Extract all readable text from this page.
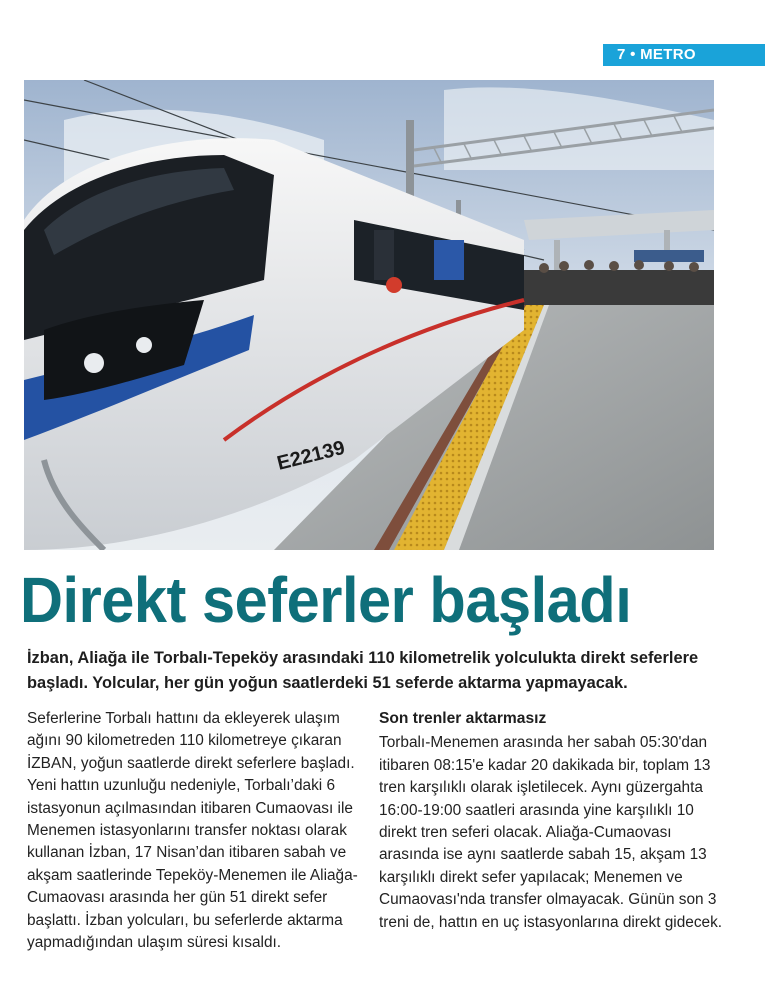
7 • METRO
E22139
Direkt seferler başladı
İzban, Aliağa ile Torbalı-Tepeköy arasındaki 110 kilometrelik yolculukta direkt seferlere başladı. Yolcular, her gün yoğun saatlerdeki 51 seferde aktarma yapmayacak.

Seferlerine Torbalı hattını da ekleyerek ulaşım ağını 90 kilometreden 110 kilometreye çıkaran İZBAN, yoğun saatlerde direkt seferlere başladı. Yeni hattın uzunluğu nedeniyle, Torbalı’daki 6 istasyonun açılmasından itibaren Cumaovası ile Menemen istasyonlarını transfer noktası olarak kullanan İzban, 17 Nisan’dan itibaren sabah ve akşam saatlerinde Tepeköy-Menemen ile Aliağa-Cumaovası arasında her gün 51 direkt sefer başlattı. İzban yolcuları, bu seferlerde aktarma yapmadığından ulaşım süresi kısaldı.

Son trenler aktarmasız

Torbalı-Menemen arasında her sabah 05:30'dan itibaren 08:15'e kadar 20 dakikada bir, toplam 13 tren karşılıklı olarak işletilecek. Aynı güzergahta 16:00-19:00 saatleri arasında yine karşılıklı 10 direkt tren seferi olacak. Aliağa-Cumaovası arasında ise aynı saatlerde sabah 15, akşam 13 karşılıklı direkt sefer yapılacak; Menemen ve Cumaovası'nda transfer olmayacak. Günün son 3 treni de, hattın en uç istasyonlarına direkt gidecek.
